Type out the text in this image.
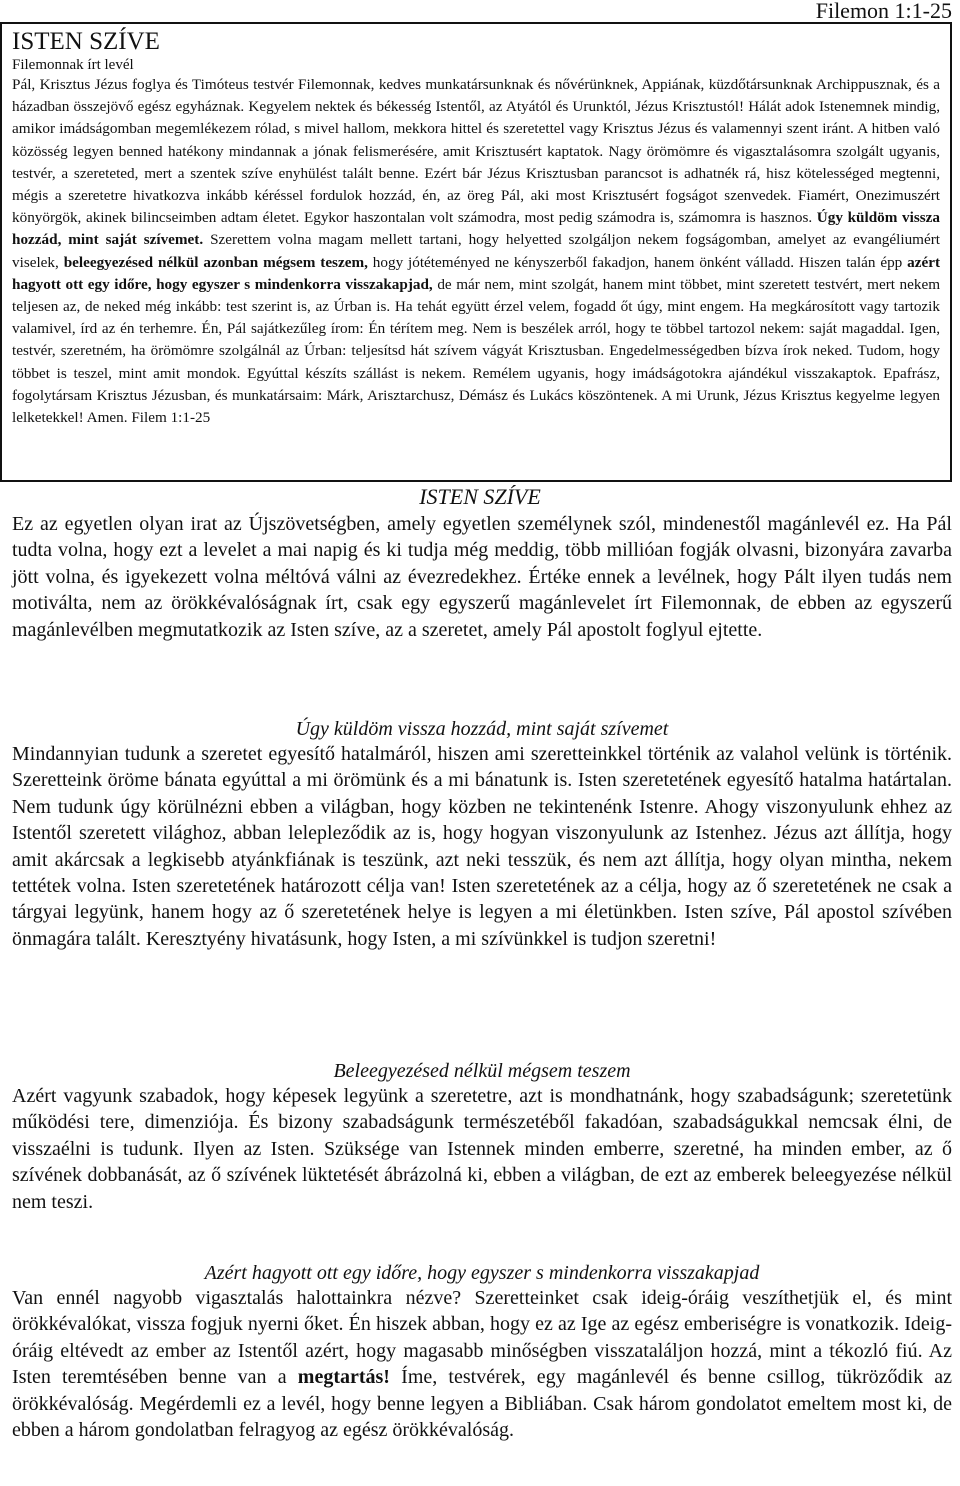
Filemon 1:1-25

ISTEN SZÍVE

Filemonnak írt levél

Pál, Krisztus Jézus foglya és Timóteus testvér Filemonnak, kedves munkatársunknak és nővérünknek, Appiának, küzdőtársunknak Archippusznak, és a házadban összejövő egész egyháznak. Kegyelem nektek és békesség Istentől, az Atyától és Urunktól, Jézus Krisztustól! Hálát adok Istenemnek mindig, amikor imádságomban megemlékezem rólad, s mivel hallom, mekkora hittel és szeretettel vagy Krisztus Jézus és valamennyi szent iránt. A hitben való közösség legyen benned hatékony mindannak a jónak felismerésére, amit Krisztusért kaptatok. Nagy örömömre és vigasztalásomra szolgált ugyanis, testvér, a szereteted, mert a szentek szíve enyhülést talált benne. Ezért bár Jézus Krisztusban parancsot is adhatnék rá, hisz kötelességed megtenni, mégis a szeretetre hivatkozva inkább kéréssel fordulok hozzád, én, az öreg Pál, aki most Krisztusért fogságot szenvedek. Fiamért, Onezimuszért könyörgök, akinek bilincseimben adtam életet. Egykor haszontalan volt számodra, most pedig számodra is, számomra is hasznos. Úgy küldöm vissza hozzád, mint saját szívemet. Szerettem volna magam mellett tartani, hogy helyetted szolgáljon nekem fogságomban, amelyet az evangéliumért viselek, beleegyezésed nélkül azonban mégsem teszem, hogy jótéteményed ne kényszerből fakadjon, hanem önként válladd. Hiszen talán épp azért hagyott ott egy időre, hogy egyszer s mindenkorra visszakapjad, de már nem, mint szolgát, hanem mint többet, mint szeretett testvért, mert nekem teljesen az, de neked még inkább: test szerint is, az Úrban is. Ha tehát együtt érzel velem, fogadd őt úgy, mint engem. Ha megkárosított vagy tartozik valamivel, írd az én terhemre. Én, Pál sajátkezűleg írom: Én térítem meg. Nem is beszélek arról, hogy te többel tartozol nekem: saját magaddal. Igen, testvér, szeretném, ha örömömre szolgálnál az Úrban: teljesítsd hát szívem vágyát Krisztusban. Engedelmességedben bízva írok neked. Tudom, hogy többet is teszel, mint amit mondok. Egyúttal készíts szállást is nekem. Remélem ugyanis, hogy imádságotokra ajándékul visszakaptok. Epafrász, fogolytársam Krisztus Jézusban, és munkatársaim: Márk, Arisztarchusz, Démász és Lukács köszöntenek. A mi Urunk, Jézus Krisztus kegyelme legyen lelketekkel! Amen. Filem 1:1-25

ISTEN SZÍVE

Ez az egyetlen olyan irat az Újszövetségben, amely egyetlen személynek szól, mindenestől magánlevél ez. Ha Pál tudta volna, hogy ezt a levelet a mai napig és ki tudja még meddig, több millióan fogják olvasni, bizonyára zavarba jött volna, és igyekezett volna méltóvá válni az évezredekhez. Értéke ennek a levélnek, hogy Pált ilyen tudás nem motiválta, nem az örökkévalóságnak írt, csak egy egyszerű magánlevelet írt Filemonnak, de ebben az egyszerű magánlevélben megmutatkozik az Isten szíve, az a szeretet, amely Pál apostolt foglyul ejtette.

Úgy küldöm vissza hozzád, mint saját szívemet

Mindannyian tudunk a szeretet egyesítő hatalmáról, hiszen ami szeretteinkkel történik az valahol velünk is történik. Szeretteink öröme bánata egyúttal a mi örömünk és a mi bánatunk is. Isten szeretetének egyesítő hatalma határtalan. Nem tudunk úgy körülnézni ebben a világban, hogy közben ne tekintenénk Istenre. Ahogy viszonyulunk ehhez az Istentől szeretett világhoz, abban lelepleződik az is, hogy hogyan viszonyulunk az Istenhez. Jézus azt állítja, hogy amit akárcsak a legkisebb atyánkfiának is teszünk, azt neki tesszük, és nem azt állítja, hogy olyan mintha, nekem tettétek volna. Isten szeretetének határozott célja van! Isten szeretetének az a célja, hogy az ő szeretetének ne csak a tárgyai legyünk, hanem hogy az ő szeretetének helye is legyen a mi életünkben. Isten szíve, Pál apostol szívében önmagára talált. Keresztyény hivatásunk, hogy Isten, a mi szívünkkel is tudjon szeretni!

Beleegyezésed nélkül mégsem teszem

Azért vagyunk szabadok, hogy képesek legyünk a szeretetre, azt is mondhatnánk, hogy szabadságunk; szeretetünk működési tere, dimenziója. És bizony szabadságunk természetéből fakadóan, szabadságukkal nemcsak élni, de visszaélni is tudunk. Ilyen az Isten. Szüksége van Istennek minden emberre, szeretné, ha minden ember, az ő szívének dobbanását, az ő szívének lüktetését ábrázolná ki, ebben a világban, de ezt az emberek beleegyezése nélkül nem teszi.

Azért hagyott ott egy időre, hogy egyszer s mindenkorra visszakapjad

Van ennél nagyobb vigasztalás halottainkra nézve? Szeretteinket csak ideig-óráig veszíthetjük el, és mint örökkévalókat, vissza fogjuk nyerni őket. Én hiszek abban, hogy ez az Ige az egész emberiségre is vonatkozik. Ideig-óráig eltévedt az ember az Istentől azért, hogy magasabb minőségben visszataláljon hozzá, mint a tékozló fiú. Az Isten teremtésében benne van a megtartás! Íme, testvérek, egy magánlevél és benne csillog, tükröződik az örökkévalóság. Megérdemli ez a levél, hogy benne legyen a Bibliában. Csak három gondolatot emeltem most ki, de ebben a három gondolatban felragyog az egész örökkévalóság.
